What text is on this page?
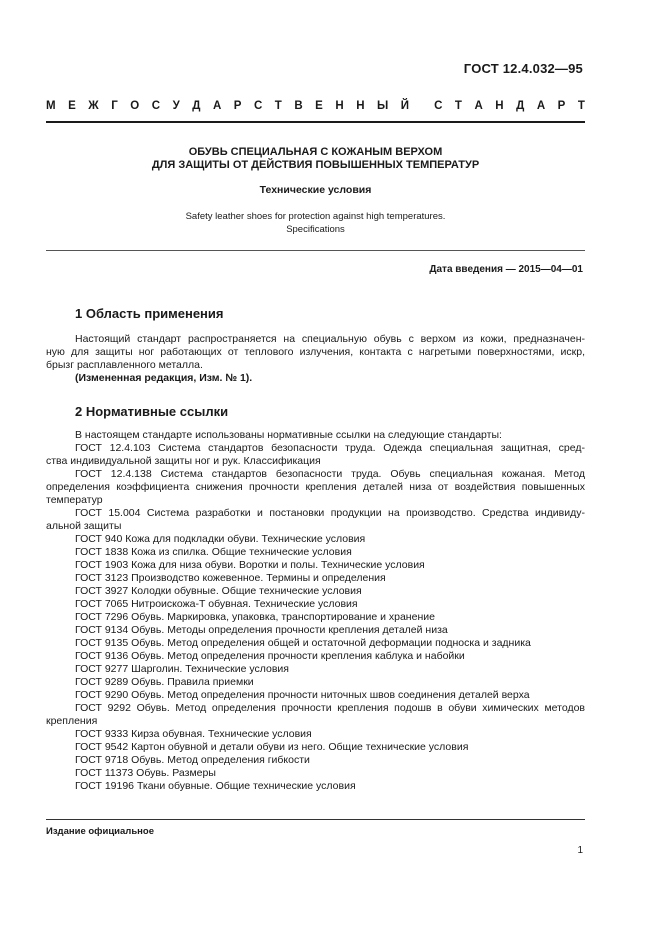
ГОСТ 12.4.032—95
М Е Ж Г О С У Д А Р С Т В Е Н Н Ы Й С Т А Н Д А Р Т
ОБУВЬ СПЕЦИАЛЬНАЯ С КОЖАНЫМ ВЕРХОМ
ДЛЯ ЗАЩИТЫ ОТ ДЕЙСТВИЯ ПОВЫШЕННЫХ ТЕМПЕРАТУР
Технические условия
Safety leather shoes for protection against high temperatures.
Specifications
Дата введения — 2015—04—01
1 Область применения
Настоящий стандарт распространяется на специальную обувь с верхом из кожи, предназначен-
ную для защиты ног работающих от теплового излучения, контакта с нагретыми поверхностями, искр,
брызг расплавленного металла.
(Измененная редакция, Изм. № 1).
2 Нормативные ссылки
В настоящем стандарте использованы нормативные ссылки на следующие стандарты:
ГОСТ 12.4.103 Система стандартов безопасности труда. Одежда специальная защитная, сред-
ства индивидуальной защиты ног и рук. Классификация
ГОСТ 12.4.138 Система стандартов безопасности труда. Обувь специальная кожаная. Метод
определения коэффициента снижения прочности крепления деталей низа от воздействия повышенных
температур
ГОСТ 15.004 Система разработки и постановки продукции на производство. Средства индивиду-
альной защиты
ГОСТ 940 Кожа для подкладки обуви. Технические условия
ГОСТ 1838 Кожа из спилка. Общие технические условия
ГОСТ 1903 Кожа для низа обуви. Воротки и полы. Технические условия
ГОСТ 3123 Производство кожевенное. Термины и определения
ГОСТ 3927 Колодки обувные. Общие технические условия
ГОСТ 7065 Нитроискожа-Т обувная. Технические условия
ГОСТ 7296 Обувь. Маркировка, упаковка, транспортирование и хранение
ГОСТ 9134 Обувь. Методы определения прочности крепления деталей низа
ГОСТ 9135 Обувь. Метод определения общей и остаточной деформации подноска и задника
ГОСТ 9136 Обувь. Метод определения прочности крепления каблука и набойки
ГОСТ 9277 Шарголин. Технические условия
ГОСТ 9289 Обувь. Правила приемки
ГОСТ 9290 Обувь. Метод определения прочности ниточных швов соединения деталей верха
ГОСТ 9292 Обувь. Метод определения прочности крепления подошв в обуви химических методов
крепления
ГОСТ 9333 Кирза обувная. Технические условия
ГОСТ 9542 Картон обувной и детали обуви из него. Общие технические условия
ГОСТ 9718 Обувь. Метод определения гибкости
ГОСТ 11373 Обувь. Размеры
ГОСТ 19196 Ткани обувные. Общие технические условия
Издание официальное
1
